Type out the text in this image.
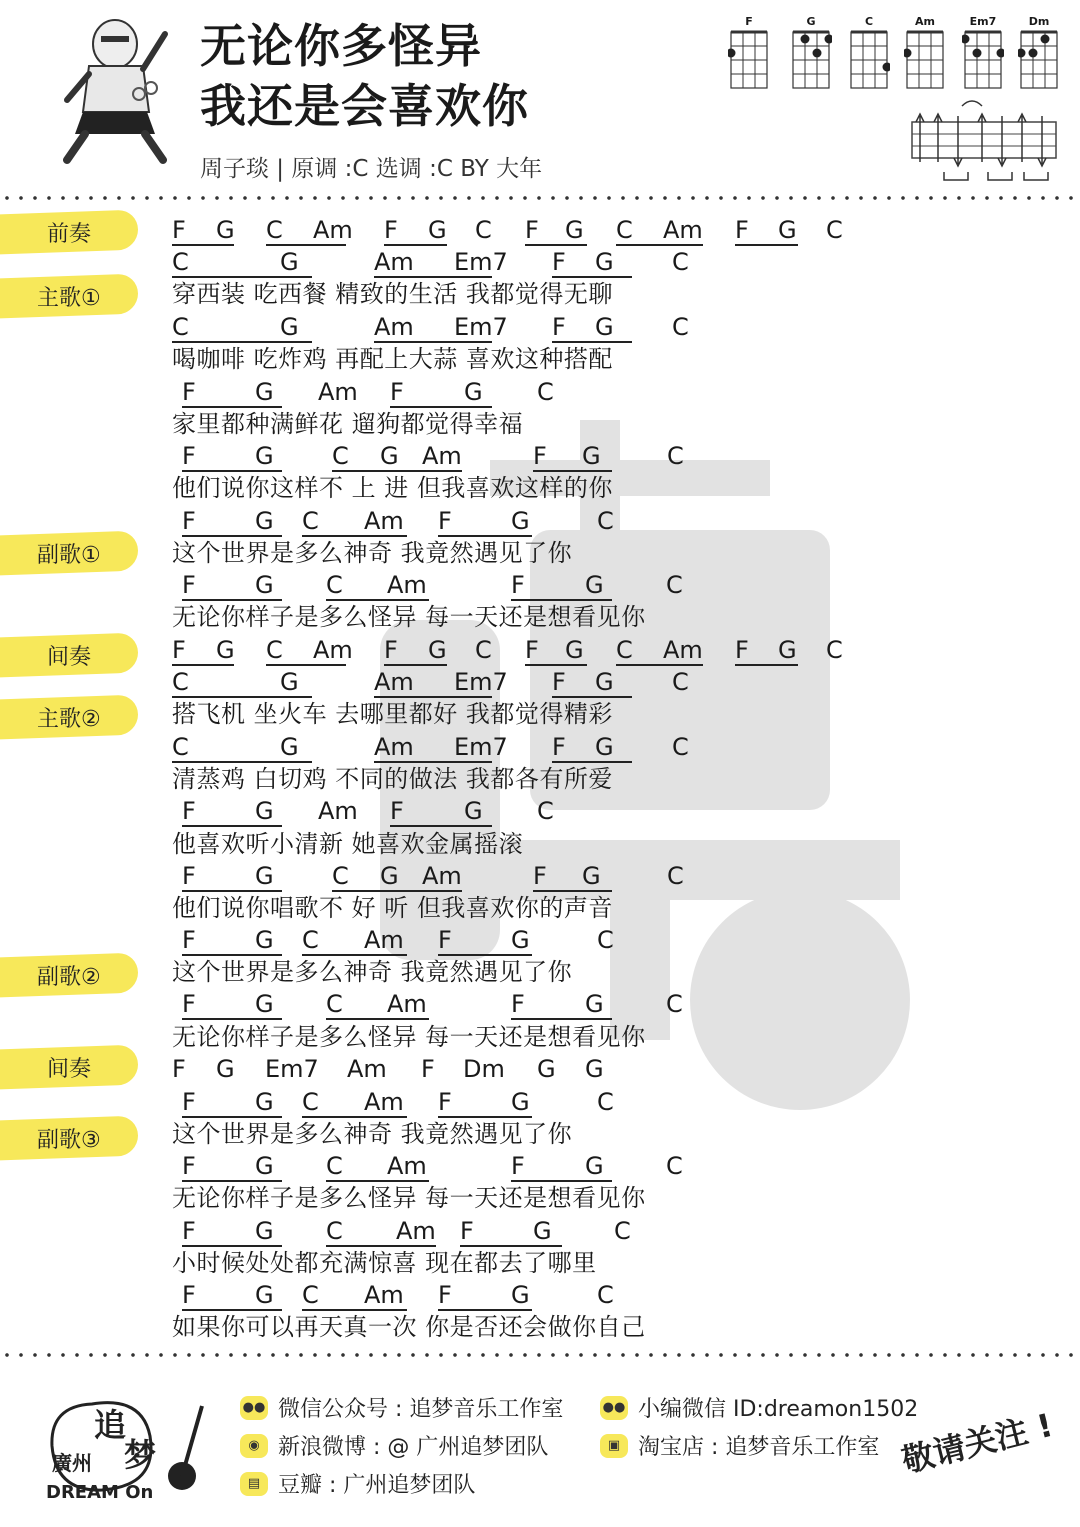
无论你多怪异
我还是会喜欢你
周子琰 | 原调 :C 选调 :C BY 大年
F	G	C	Am	Em7	Dm
前奏
主歌①
副歌①
间奏
主歌②
副歌②
间奏
副歌③
F G C Am F G C F G C Am F G C
C	G	Am Em7 F G C
穿西装 吃西餐 精致的生活 我都觉得无聊
C	G	Am Em7 F G C
喝咖啡 吃炸鸡 再配上大蒜 喜欢这种搭配
F G Am F	G C
家里都种满鲜花 遛狗都觉得幸福
F G C G Am	F G	C
他们说你这样不 上 进 但我喜欢这样的你
F G C Am F G	C
这个世界是多么神奇 我竟然遇见了你
F G C Am	F	G	C
无论你样子是多么怪异 每一天还是想看见你
F G C Am F G C F G C Am F G C
C	G	Am Em7 F G C
搭飞机 坐火车 去哪里都好 我都觉得精彩
C	G	Am Em7 F G C
清蒸鸡 白切鸡 不同的做法 我都各有所爱
F G Am F	G C
他喜欢听小清新 她喜欢金属摇滚
F G C G Am	F G	C
他们说你唱歌不 好 听 但我喜欢你的声音
F G C Am F G	C
这个世界是多么神奇 我竟然遇见了你
F G C Am	F	G	C
无论你样子是多么怪异 每一天还是想看见你
F G Em7 Am F Dm G G
F G C Am F G	C
这个世界是多么神奇 我竟然遇见了你
F G C Am	F	G	C
无论你样子是多么怪异 每一天还是想看见你
F G C Am F G	C
小时候处处都充满惊喜 现在都去了哪里
F G C Am F G	C
如果你可以再天真一次 你是否还会做你自己
追
梦
廣州
DREAM On
●● 微信公众号 : 追梦音乐工作室	●● 小编微信 ID:dreamon1502
◉ 新浪微博 : @ 广州追梦团队	▣ 淘宝店 : 追梦音乐工作室
▤ 豆瓣 : 广州追梦团队
敬请关注 !
